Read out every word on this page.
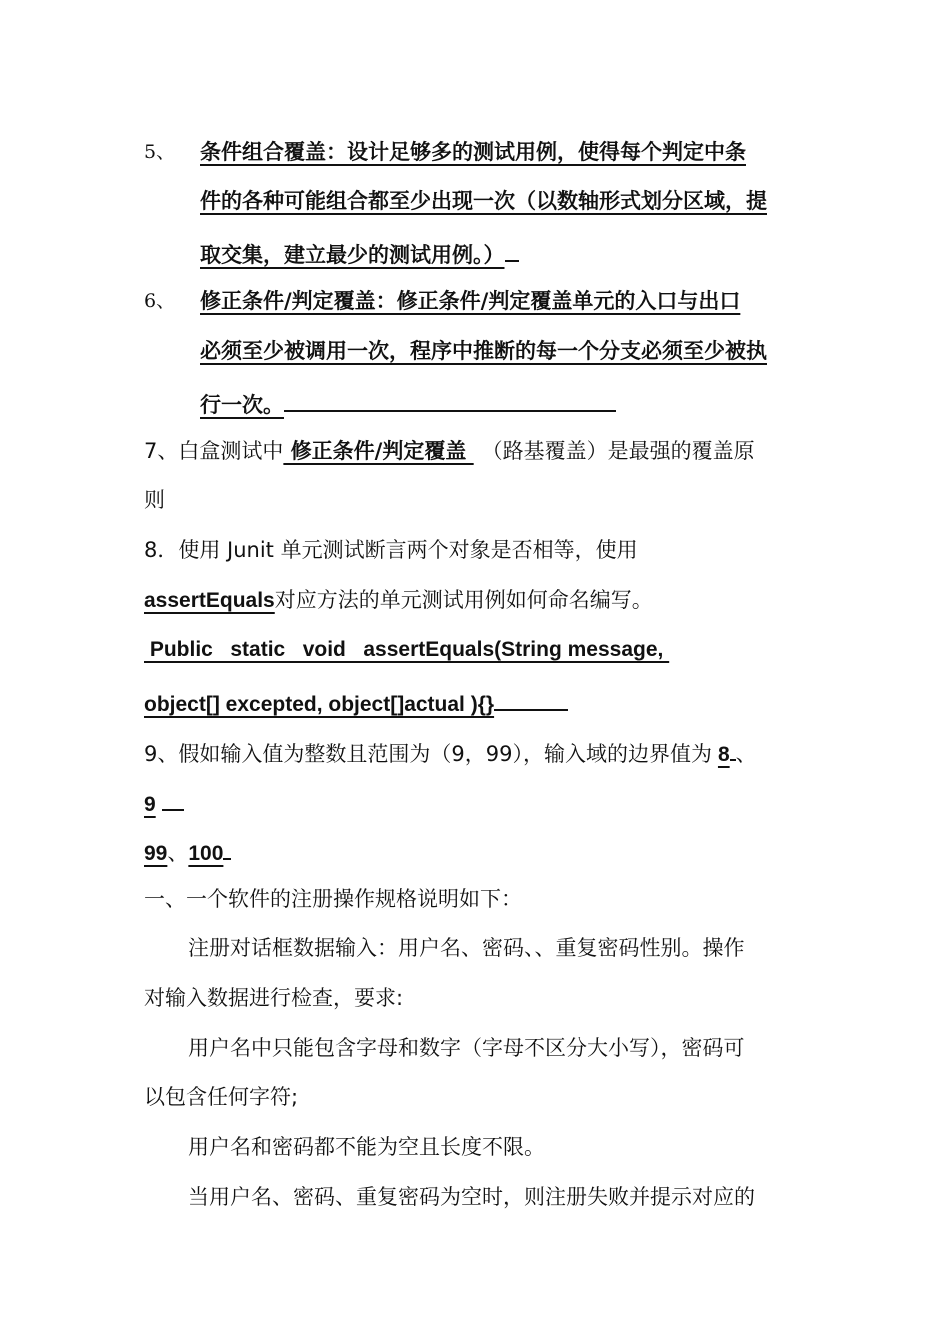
5、 条件组合覆盖：设计足够多的测试用例，使得每个判定中条
件的各种可能组合都至少出现一次（以数轴形式划分区域，提
取交集，建立最少的测试用例。）
6、 修正条件/判定覆盖：修正条件/判定覆盖单元的入口与出口
必须至少被调用一次，程序中推断的每一个分支必须至少被执
行一次。
7、白盒测试中 修正条件/判定覆盖 （路基覆盖）是最强的覆盖原
则
8．使用 Junit 单元测试断言两个对象是否相等，使用
assertEquals对应方法的单元测试用例如何命名编写。
Public   static   void   assertEquals(String message,
object[] excepted, object[]actual ){}
9、假如输入值为整数且范围为（9，99），输入域的边界值为 8 、
9
99、100
一、一个软件的注册操作规格说明如下：
注册对话框数据输入：用户名、密码、、重复密码性别。操作
对输入数据进行检查，要求:
用户名中只能包含字母和数字（字母不区分大小写），密码可
以包含任何字符;
用户名和密码都不能为空且长度不限。
当用户名、密码、重复密码为空时，则注册失败并提示对应的
